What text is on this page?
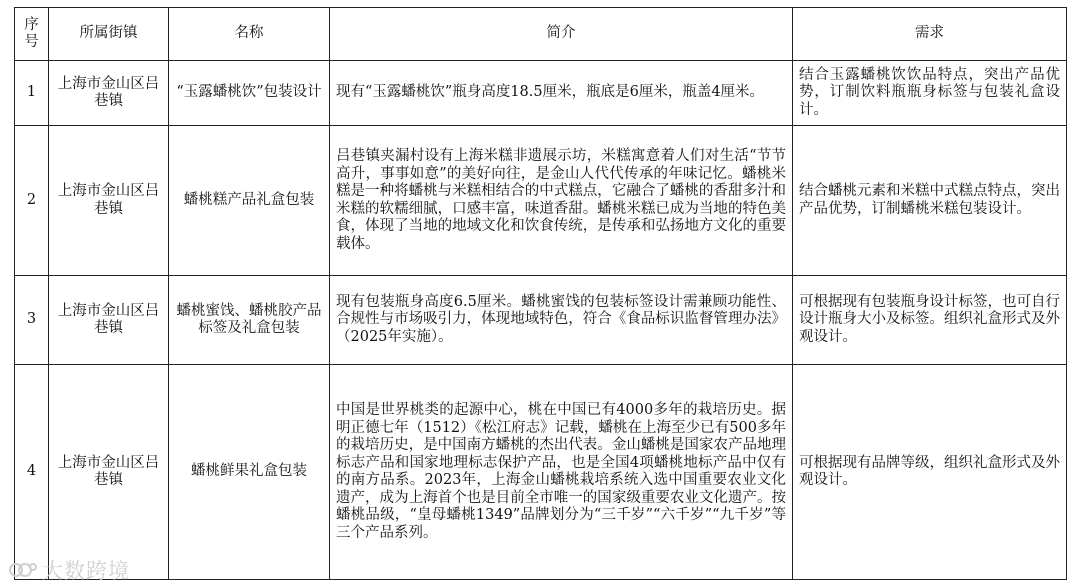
序号	所属街镇	名称	简介	需求
1	上海市金山区吕巷镇	“玉露蟠桃饮”包装设计	现有“玉露蟠桃饮”瓶身高度18.5厘米，瓶底是6厘米，瓶盖4厘米。	结合玉露蟠桃饮饮品特点，突出产品优势，订制饮料瓶瓶身标签与包装礼盒设计。
2	上海市金山区吕巷镇	蟠桃糕产品礼盒包装	吕巷镇夹漏村设有上海米糕非遗展示坊，米糕寓意着人们对生活“节节高升，事事如意”的美好向往，是金山人代代传承的年味记忆。蟠桃米糕是一种将蟠桃与米糕相结合的中式糕点，它融合了蟠桃的香甜多汁和米糕的软糯细腻，口感丰富，味道香甜。蟠桃米糕已成为当地的特色美食，体现了当地的地域文化和饮食传统，是传承和弘扬地方文化的重要载体。	结合蟠桃元素和米糕中式糕点特点，突出产品优势，订制蟠桃米糕包装设计。
3	上海市金山区吕巷镇	蟠桃蜜饯、蟠桃胶产品标签及礼盒包装	现有包装瓶身高度6.5厘米。蟠桃蜜饯的包装标签设计需兼顾功能性、合规性与市场吸引力，体现地域特色，符合《食品标识监督管理办法》（2025年实施）。	可根据现有包装瓶身设计标签，也可自行设计瓶身大小及标签。组织礼盒形式及外观设计。
4	上海市金山区吕巷镇	蟠桃鲜果礼盒包装	中国是世界桃类的起源中心，桃在中国已有4000多年的栽培历史。据明正德七年（1512）《松江府志》记载，蟠桃在上海至少已有500多年的栽培历史，是中国南方蟠桃的杰出代表。金山蟠桃是国家农产品地理标志产品和国家地理标志保护产品，也是全国4项蟠桃地标产品中仅有的南方品系。2023年，上海金山蟠桃栽培系统入选中国重要农业文化遗产，成为上海首个也是目前全市唯一的国家级重要农业文化遗产。按蟠桃品级，“皇母蟠桃1349”品牌划分为“三千岁”“六千岁”“九千岁”等三个产品系列。	可根据现有品牌等级，组织礼盒形式及外观设计。
大数跨境
